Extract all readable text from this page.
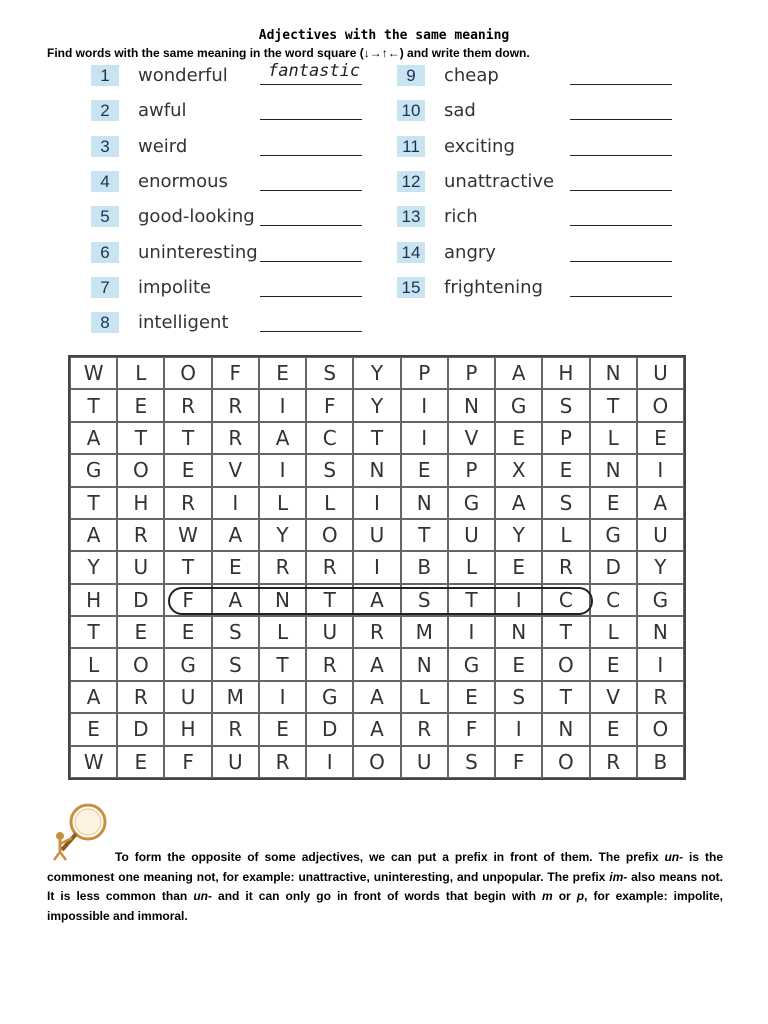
Adjectives with the same meaning
Find words with the same meaning in the word square (↓→↑←) and write them down.
1	wonderful fantastic
2	awful
3	weird
4	enormous
5	good-looking
6	uninteresting
7	impolite
8	intelligent
9	cheap
10 sad
11 exciting
12 unattractive
13 rich
14 angry
15 frightening
W	L	O	F	E	S	Y	P	P	A	H	N	U
T	E	R	R	I	F	Y	I	N	G	S	T	O
A	T	T	R	A	C	T	I	V	E	P	L	E
G	O	E	V	I	S	N	E	P	X	E	N	I
T	H	R	I	L	L	I	N	G	A	S	E	A
A	R	W	A	Y	O	U	T	U	Y	L	G	U
Y	U	T	E	R	R	I	B	L	E	R	D	Y
H	D	F	A	N	T	A	S	T	I	C	C	G
T	E	E	S	L	U	R	M	I	N	T	L	N
L	O	G	S	T	R	A	N	G	E	O	E	I
A	R	U	M	I	G	A	L	E	S	T	V	R
E	D	H	R	E	D	A	R	F	I	N	E	O
W	E	F	U	R	I	O	U	S	F	O	R	B
To form the opposite of some adjectives, we can put a prefix in front of them. The prefix un- is the commonest one meaning not, for example: unattractive, uninteresting, and unpopular. The prefix im- also means not. It is less common than un- and it can only go in front of words that begin with m or p, for example: impolite, impossible and immoral.
